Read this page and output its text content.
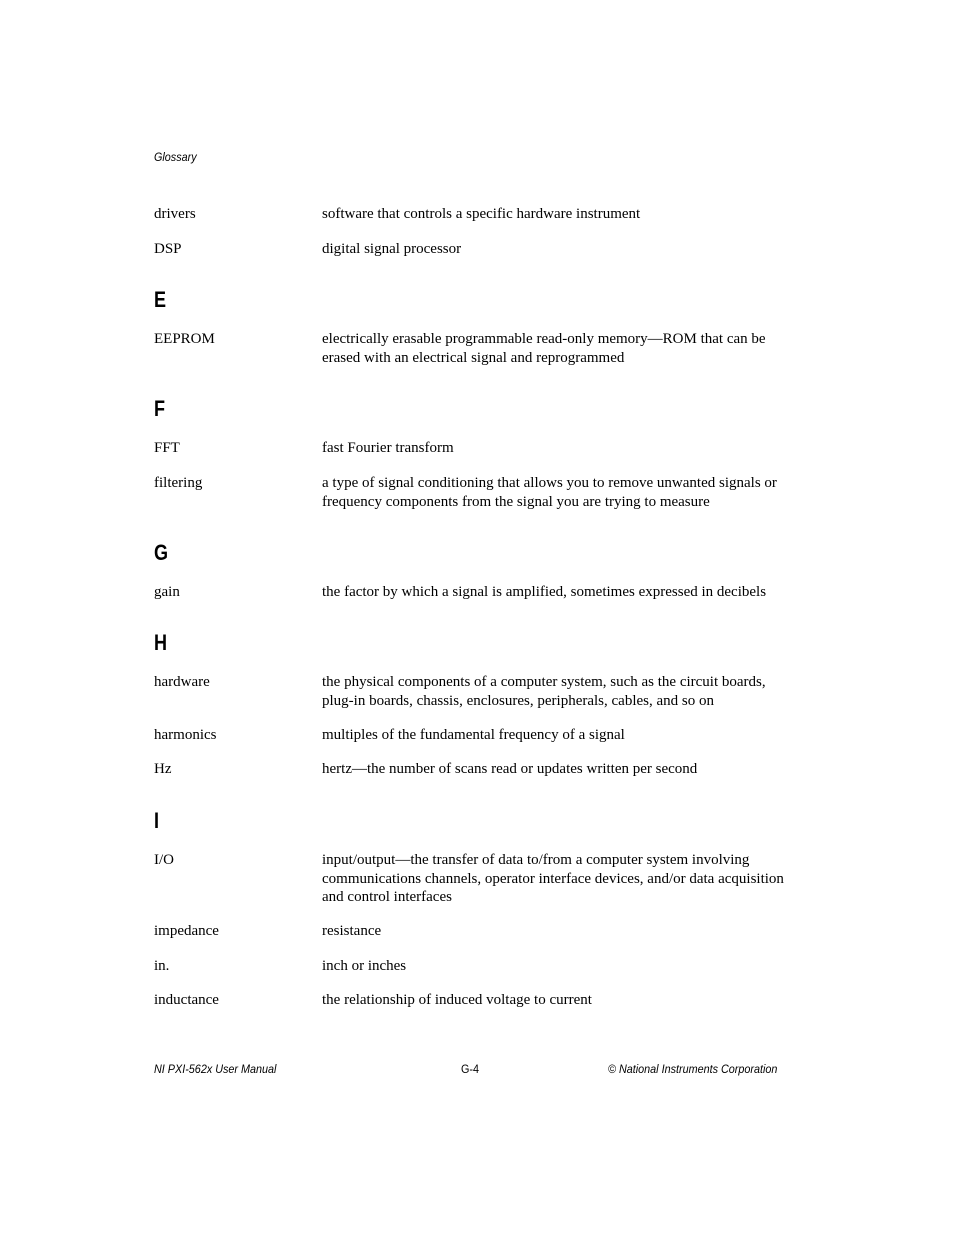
Glossary
drivers	software that controls a specific hardware instrument
DSP	digital signal processor
E
EEPROM	electrically erasable programmable read-only memory—ROM that can be erased with an electrical signal and reprogrammed
F
FFT	fast Fourier transform
filtering	a type of signal conditioning that allows you to remove unwanted signals or frequency components from the signal you are trying to measure
G
gain	the factor by which a signal is amplified, sometimes expressed in decibels
H
hardware	the physical components of a computer system, such as the circuit boards, plug-in boards, chassis, enclosures, peripherals, cables, and so on
harmonics	multiples of the fundamental frequency of a signal
Hz	hertz—the number of scans read or updates written per second
I
I/O	input/output—the transfer of data to/from a computer system involving communications channels, operator interface devices, and/or data acquisition and control interfaces
impedance	resistance
in.	inch or inches
inductance	the relationship of induced voltage to current
NI PXI-562x User Manual	G-4	© National Instruments Corporation
